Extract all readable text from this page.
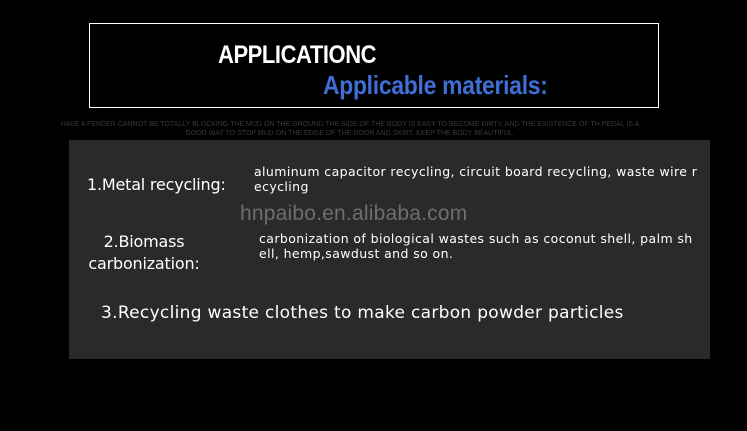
APPLICATIONC
Applicable materials:
HAVE A FENDER CANNOT BE TOTALLY BLOCKING THE MUD ON THE GROUND,THE SIDE OF THE BODY IS EASY TO BECOME DIRTY, AND THE EXISTENCE OF TH PEDAL IS A GOOD WAY TO STOP MUD ON THE EDGE OF THE DOOR AND SKIRT, KEEP THE BODY BEAUTIFUL.
1.Metal recycling:
aluminum capacitor recycling, circuit board recycling, waste wire recycling
hnpaibo.en.alibaba.com
2.Biomass carbonization:
carbonization of biological wastes such as coconut shell, palm shell, hemp,sawdust and so on.
3.Recycling waste clothes to make carbon powder particles
